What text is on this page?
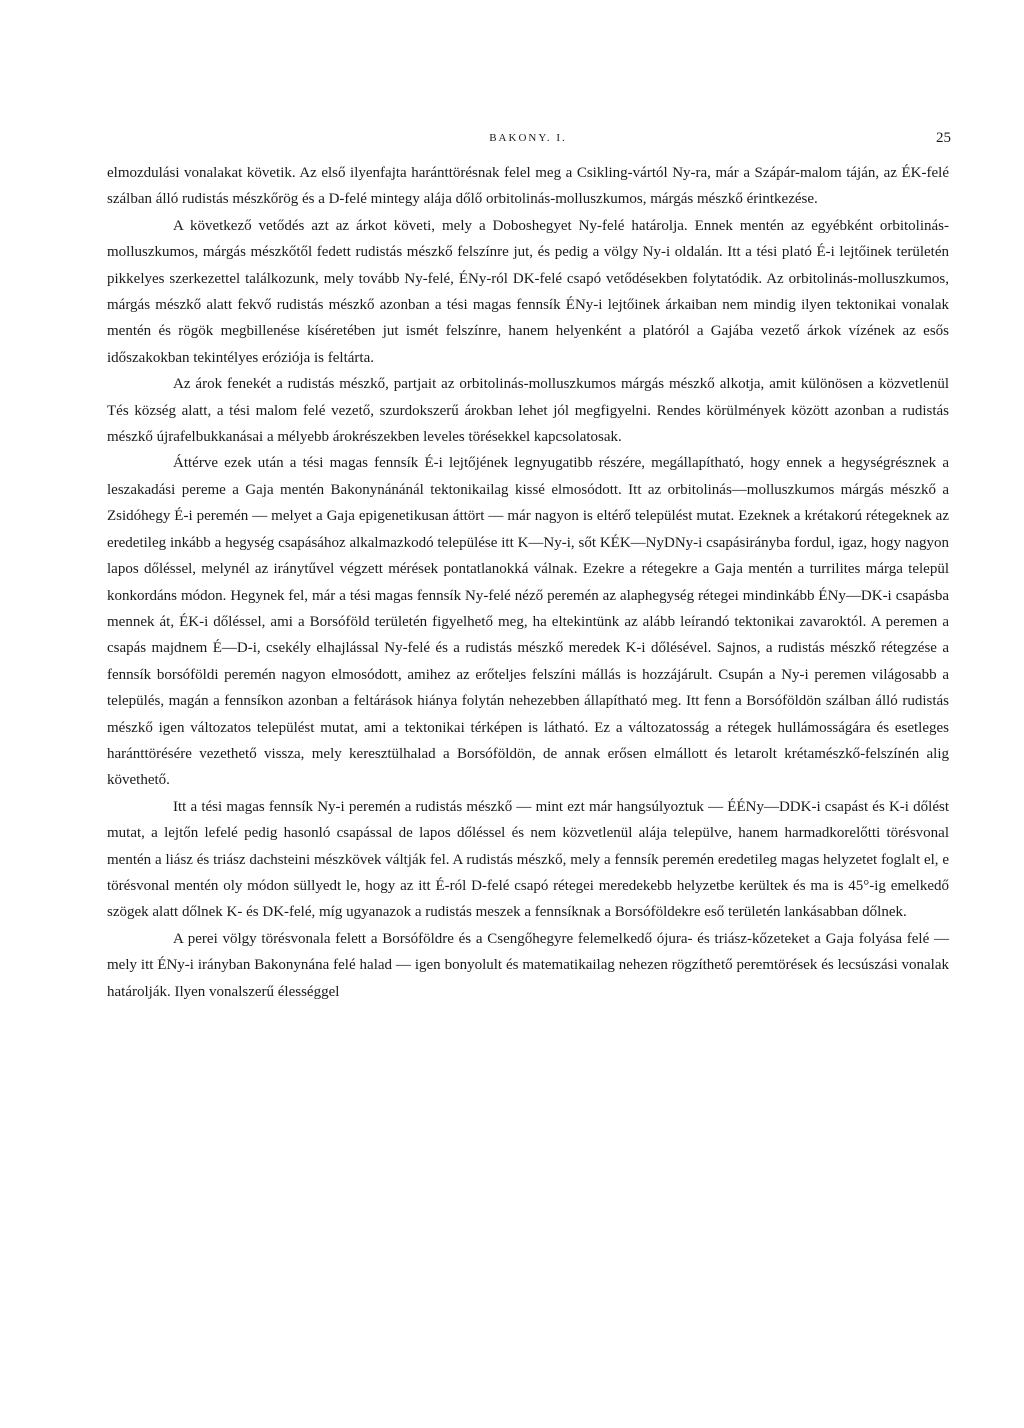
BAKONY. I.	25

elmozdulási vonalakat követik. Az első ilyenfajta haránttörésnak felel meg a Csikling-vártól Ny-ra, már a Szápár-malom táján, az ÉK-felé szálban álló rudistás mészkőrög és a D-felé mintegy alája dőlő orbitolinás-molluszkumos, márgás mészkő érintkezése.

A következő vetődés azt az árkot követi, mely a Doboshegyet Ny-felé határolja. Ennek mentén az egyébként orbitolinás-molluszkumos, márgás mészkőtől fedett rudistás mészkő felszínre jut, és pedig a völgy Ny-i oldalán. Itt a tési plató É-i lejtőinek területén pikkelyes szerkezettel találkozunk, mely tovább Ny-felé, ÉNy-ról DK-felé csapó vetődésekben folytatódik. Az orbitolinás-molluszkumos, márgás mészkő alatt fekvő rudistás mészkő azonban a tési magas fennsík ÉNy-i lejtőinek árkaiban nem mindig ilyen tektonikai vonalak mentén és rögök megbillenése kíséretében jut ismét felszínre, hanem helyenként a platóról a Gajába vezető árkok vízének az esős időszakokban tekintélyes eróziója is feltárta.

Az árok fenekét a rudistás mészkő, partjait az orbitolinás-molluszkumos márgás mészkő alkotja, amit különösen a közvetlenül Tés község alatt, a tési malom felé vezető, szurdokszerű árokban lehet jól megfigyelni. Rendes körülmények között azonban a rudistás mészkő újrafelbukkanásai a mélyebb árokrészekben leveles törésekkel kapcsolatosak.

Áttérve ezek után a tési magas fennsík É-i lejtőjének legnyugatibb részére, megállapítható, hogy ennek a hegységrésznek a leszakadási pereme a Gaja mentén Bakonynánánál tektonikailag kissé elmosódott. Itt az orbitolinás—molluszkumos márgás mészkő a Zsidóhegy É-i peremén — melyet a Gaja epigenetikusan áttört — már nagyon is eltérő települést mutat. Ezeknek a krétakorú rétegeknek az eredetileg inkább a hegység csapásához alkalmazkodó települése itt K—Ny-i, sőt KÉK—NyDNy-i csapásirányba fordul, igaz, hogy nagyon lapos dőléssel, melynél az iránytűvel végzett mérések pontatlanokká válnak. Ezekre a rétegekre a Gaja mentén a turrilites márga települ konkordáns módon. Hegynek fel, már a tési magas fennsík Ny-felé néző peremén az alaphegység rétegei mindinkább ÉNy—DK-i csapásba mennek át, ÉK-i dőléssel, ami a Borsóföld területén figyelhető meg, ha eltekintünk az alább leírandó tektonikai zavaroktól. A peremen a csapás majdnem É—D-i, csekély elhajlással Ny-felé és a rudistás mészkő meredek K-i dőlésével. Sajnos, a rudistás mészkő rétegzése a fennsík borsóföldi peremén nagyon elmosódott, amihez az erőteljes felszíni mállás is hozzájárult. Csupán a Ny-i peremen világosabb a település, magán a fennsíkon azonban a feltárások hiánya folytán nehezebben állapítható meg. Itt fenn a Borsóföldön szálban álló rudistás mészkő igen változatos települést mutat, ami a tektonikai térképen is látható. Ez a változatosság a rétegek hullámosságára és esetleges haránttörésére vezethető vissza, mely keresztülhalad a Borsóföldön, de annak erősen elmállott és letarolt krétamészkő-felszínén alig követhető.

Itt a tési magas fennsík Ny-i peremén a rudistás mészkő — mint ezt már hangsúlyoztuk — ÉÉNy—DDK-i csapást és K-i dőlést mutat, a lejtőn lefelé pedig hasonló csapással de lapos dőléssel és nem közvetlenül alája települve, hanem harmadkorelőtti törésvonal mentén a liász és triász dachsteini mészkövek váltják fel. A rudistás mészkő, mely a fennsík peremén eredetileg magas helyzetet foglalt el, e törésvonal mentén oly módon süllyedt le, hogy az itt É-ról D-felé csapó rétegei meredekebb helyzetbe kerültek és ma is 45°-ig emelkedő szögek alatt dőlnek K- és DK-felé, míg ugyanazok a rudistás meszek a fennsíknak a Borsóföldekre eső területén lankásabban dőlnek.

A perei völgy törésvonala felett a Borsóföldre és a Csengőhegyre felemelkedő ójura- és triász-kőzeteket a Gaja folyása felé — mely itt ÉNy-i irányban Bakonynána felé halad — igen bonyolult és matematikailag nehezen rögzíthető peremtörések és lecsúszási vonalak határolják. Ilyen vonalszerű élességgel
